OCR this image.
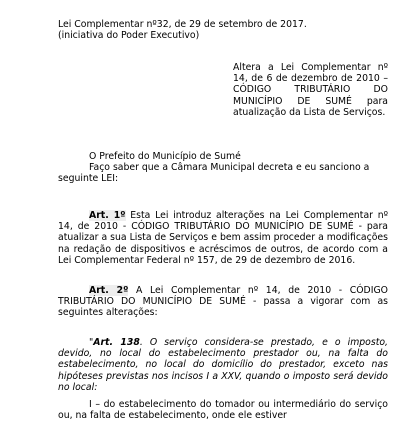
Lei Complementar nº32, de 29 de setembro de 2017.
(iniciativa do Poder Executivo)
Altera a Lei Complementar nº 14, de 6 de dezembro de 2010 – CÓDIGO TRIBUTÁRIO DO MUNICÍPIO DE SUMÉ para atualização da Lista de Serviços.
O Prefeito do Município de Sumé
Faço saber que a Câmara Municipal decreta e eu sanciono a seguinte LEI:
Art. 1º Esta Lei introduz alterações na Lei Complementar nº 14, de 2010 - CÓDIGO TRIBUTÁRIO DO MUNICÍPIO DE SUMÉ - para atualizar a sua Lista de Serviços e bem assim proceder a modificações na redação de dispositivos e acréscimos de outros, de acordo com a Lei Complementar Federal nº 157, de 29 de dezembro de 2016.
Art. 2º A Lei Complementar nº 14, de 2010 - CÓDIGO TRIBUTÁRIO DO MUNICÍPIO DE SUMÉ - passa a vigorar com as seguintes alterações:
"Art. 138. O serviço considera-se prestado, e o imposto, devido, no local do estabelecimento prestador ou, na falta do estabelecimento, no local do domicílio do prestador, exceto nas hipóteses previstas nos incisos I a XXV, quando o imposto será devido no local:
I – do estabelecimento do tomador ou intermediário do serviço ou, na falta de estabelecimento, onde ele estiver
